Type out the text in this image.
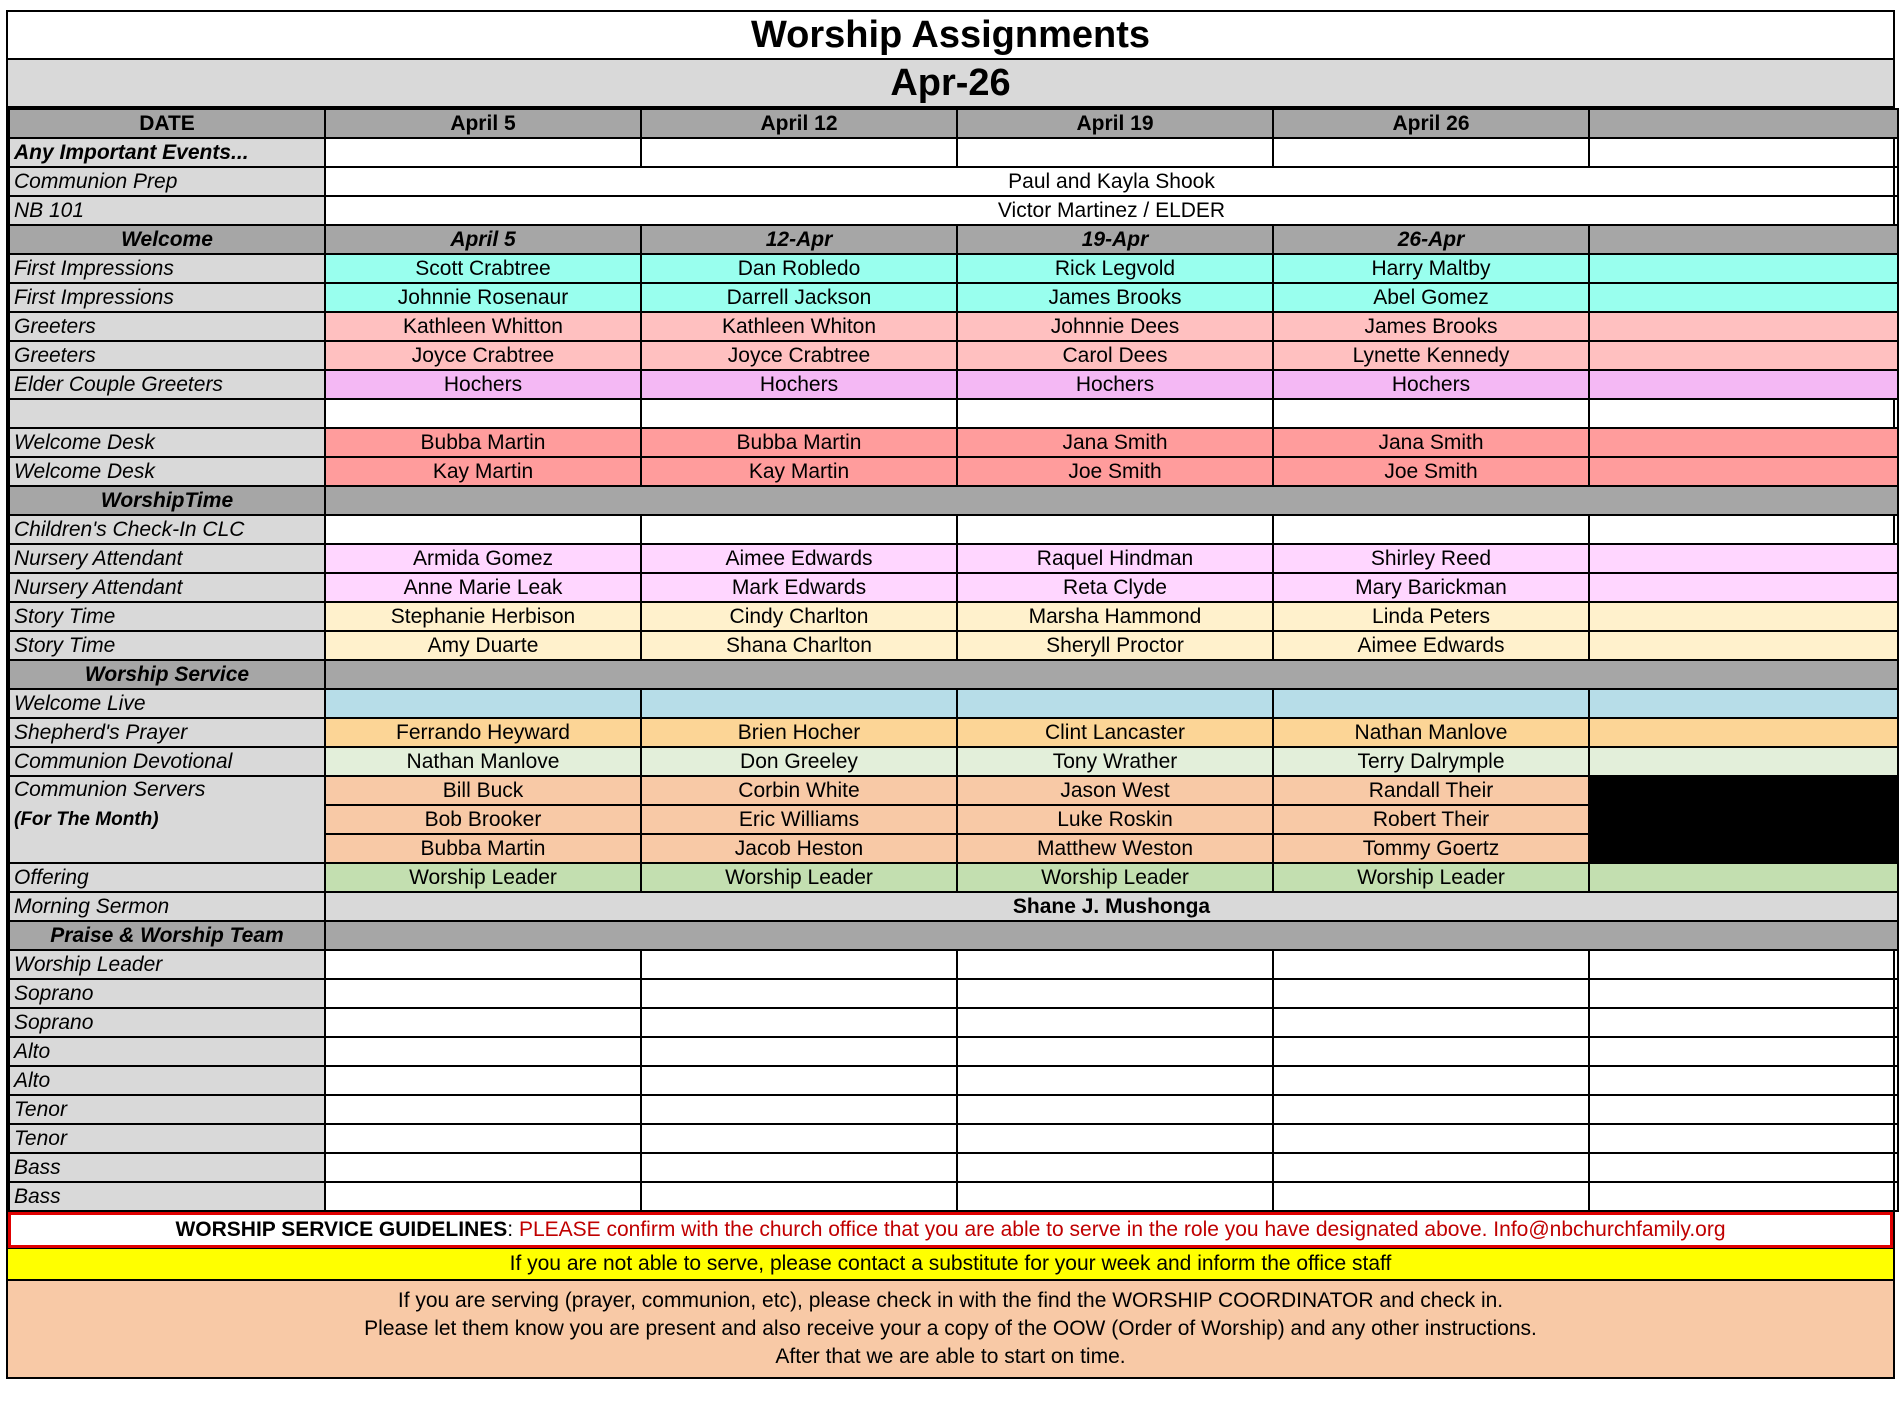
Worship Assignments
Apr-26
DATE	April 5	April 12	April 19	April 26	
Any Important Events...					
Communion Prep	Paul and Kayla Shook				
NB 101	Victor Martinez / ELDER				
Welcome	April 5	12-Apr	19-Apr	26-Apr	
First Impressions	Scott Crabtree	Dan Robledo	Rick Legvold	Harry Maltby	
First Impressions	Johnnie Rosenaur	Darrell Jackson	James Brooks	Abel Gomez	
Greeters	Kathleen Whitton	Kathleen Whiton	Johnnie Dees	James Brooks	
Greeters	Joyce Crabtree	Joyce Crabtree	Carol Dees	Lynette Kennedy	
Elder Couple Greeters	Hochers	Hochers	Hochers	Hochers	

Welcome Desk	Bubba Martin	Bubba Martin	Jana Smith	Jana Smith	
Welcome Desk	Kay Martin	Kay Martin	Joe Smith	Joe Smith	
WorshipTime					
Children's Check-In CLC					
Nursery Attendant	Armida Gomez	Aimee Edwards	Raquel Hindman	Shirley Reed	
Nursery Attendant	Anne Marie Leak	Mark Edwards	Reta Clyde	Mary Barickman	
Story Time	Stephanie Herbison	Cindy Charlton	Marsha Hammond	Linda Peters	
Story Time	Amy Duarte	Shana Charlton	Sheryll Proctor	Aimee Edwards	
Worship Service					
Welcome Live					
Shepherd's Prayer	Ferrando Heyward	Brien Hocher	Clint Lancaster	Nathan Manlove	
Communion Devotional	Nathan Manlove	Don Greeley	Tony Wrather	Terry Dalrymple	
Communion Servers
(For The Month)	Bill Buck	Corbin White	Jason West	Randall Their	
	Bob Brooker	Eric Williams	Luke Roskin	Robert Their	
	Bubba Martin	Jacob Heston	Matthew Weston	Tommy Goertz	
Offering	Worship Leader	Worship Leader	Worship Leader	Worship Leader	
Morning Sermon	Shane J. Mushonga				
Praise & Worship Team					
Worship Leader					
Soprano					
Soprano					
Alto					
Alto					
Tenor					
Tenor					
Bass					
Bass					
WORSHIP SERVICE GUIDELINES: PLEASE confirm with the church office that you are able to serve in the role you have designated above. Info@nbchurchfamily.org
If you are not able to serve, please contact a substitute for your week and inform the office staff
If you are serving (prayer, communion, etc), please check in with the find the WORSHIP COORDINATOR and check in.
Please let them know you are present and also receive your a copy of the OOW (Order of Worship) and any other instructions.
After that we are able to start on time.
